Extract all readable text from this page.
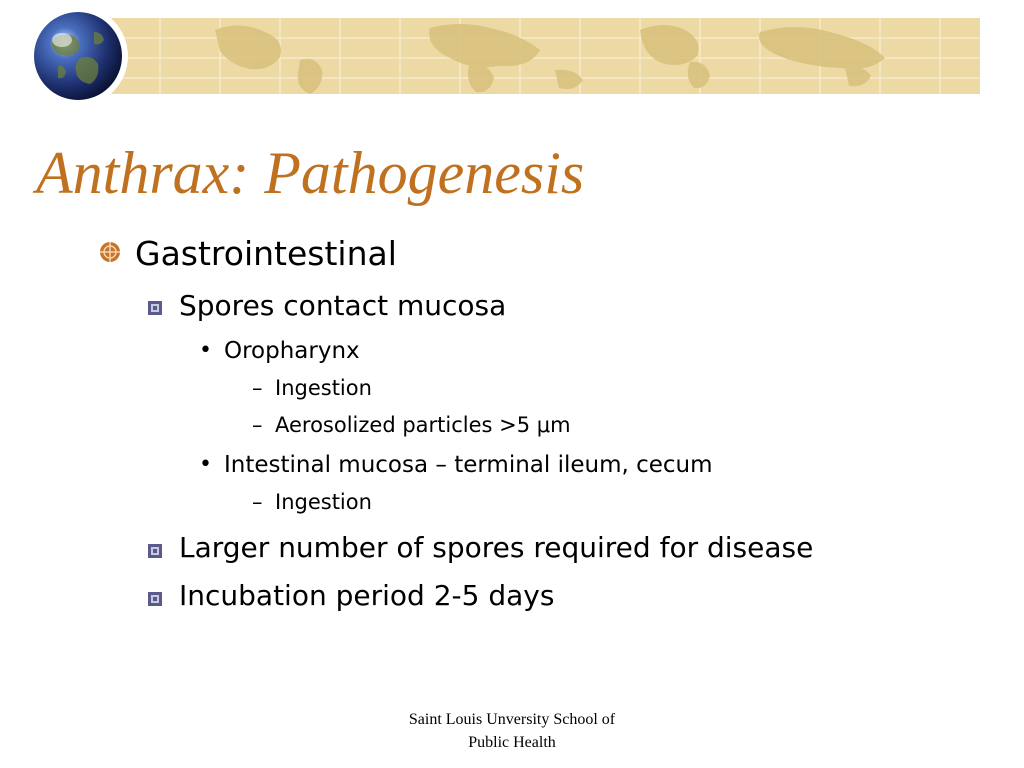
Anthrax: Pathogenesis
Gastrointestinal
Spores contact mucosa
• Oropharynx
– Ingestion
– Aerosolized particles >5 μm
• Intestinal mucosa – terminal ileum, cecum
– Ingestion
Larger number of spores required for disease
Incubation period 2-5 days
Saint Louis Unversity School of
Public Health
